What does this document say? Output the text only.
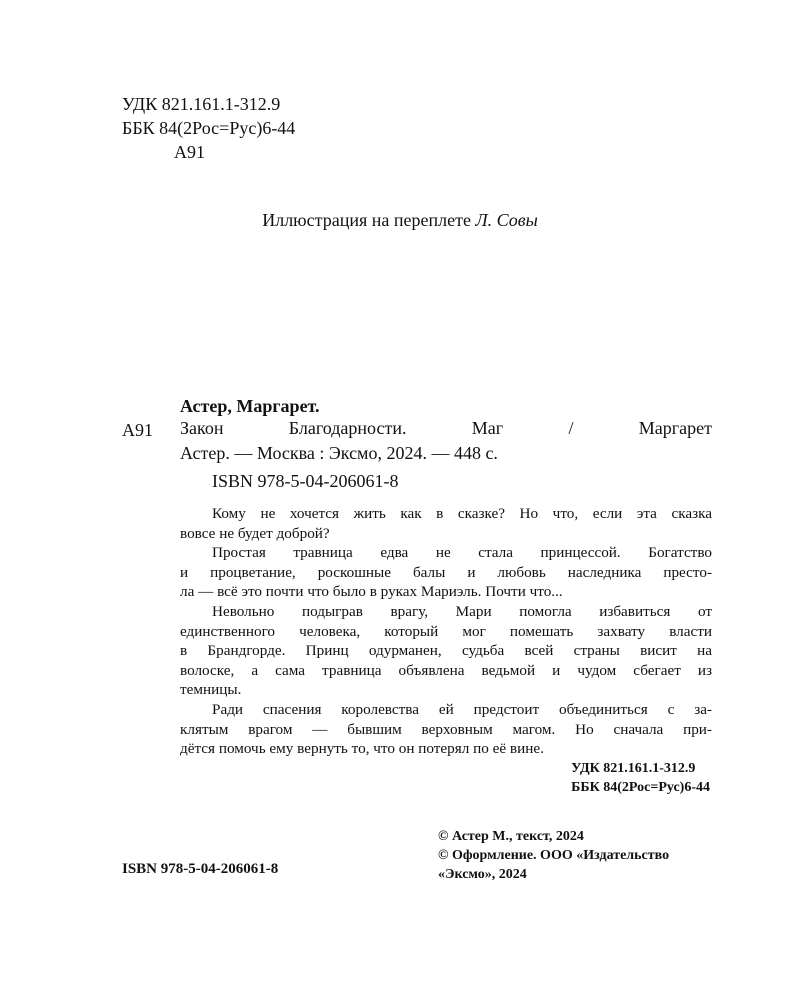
УДК 821.161.1-312.9
ББК 84(2Рос=Рус)6-44
А91
Иллюстрация на переплете Л. Совы
Астер, Маргарет.
А91 Закон Благодарности. Маг / Маргарет
Астер. — Москва : Эксмо, 2024. — 448 с.
ISBN 978-5-04-206061-8

Кому не хочется жить как в сказке? Но что, если эта сказка
вовсе не будет доброй?

Простая травница едва не стала принцессой. Богатство
и процветание, роскошные балы и любовь наследника престо-
ла — всё это почти что было в руках Мариэль. Почти что...

Невольно подыграв врагу, Мари помогла избавиться от
единственного человека, который мог помешать захвату власти
в Брандгорде. Принц одурманен, судьба всей страны висит на
волоске, а сама травница объявлена ведьмой и чудом сбегает из
темницы.

Ради спасения королевства ей предстоит объединиться с за-
клятым врагом — бывшим верховным магом. Но сначала при-
дётся помочь ему вернуть то, что он потерял по её вине.

УДК 821.161.1-312.9
ББК 84(2Рос=Рус)6-44
© Астер М., текст, 2024
© Оформление. ООО «Издательство
«Эксмо», 2024
ISBN 978-5-04-206061-8
